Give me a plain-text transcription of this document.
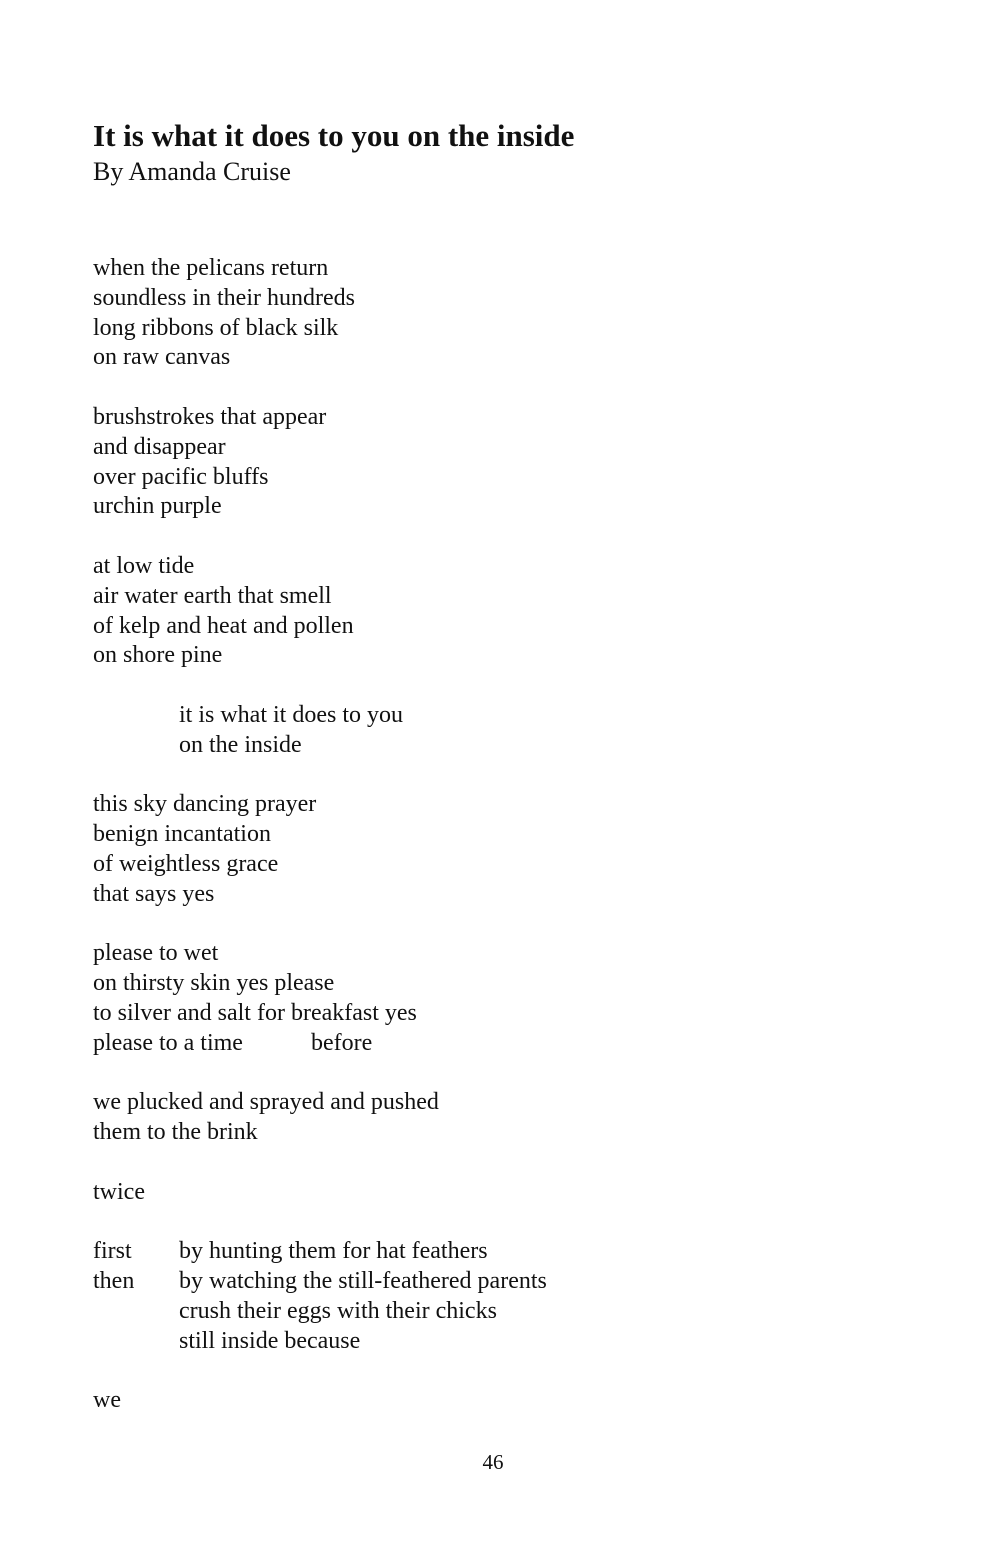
It is what it does to you on the inside
By Amanda Cruise
when the pelicans return
soundless in their hundreds
long ribbons of black silk
on raw canvas
brushstrokes that appear
and disappear
over pacific bluffs
urchin purple
at low tide
air water earth that smell
of kelp and heat and pollen
on shore pine
it is what it does to you
on the inside
this sky dancing prayer
benign incantation
of weightless grace
that says yes
please to wet
on thirsty skin yes please
to silver and salt for breakfast yes
please to a time	before
we plucked and sprayed and pushed
them to the brink
twice
first by hunting them for hat feathers
then by watching the still-feathered parents
crush their eggs with their chicks
still inside because
we
46
